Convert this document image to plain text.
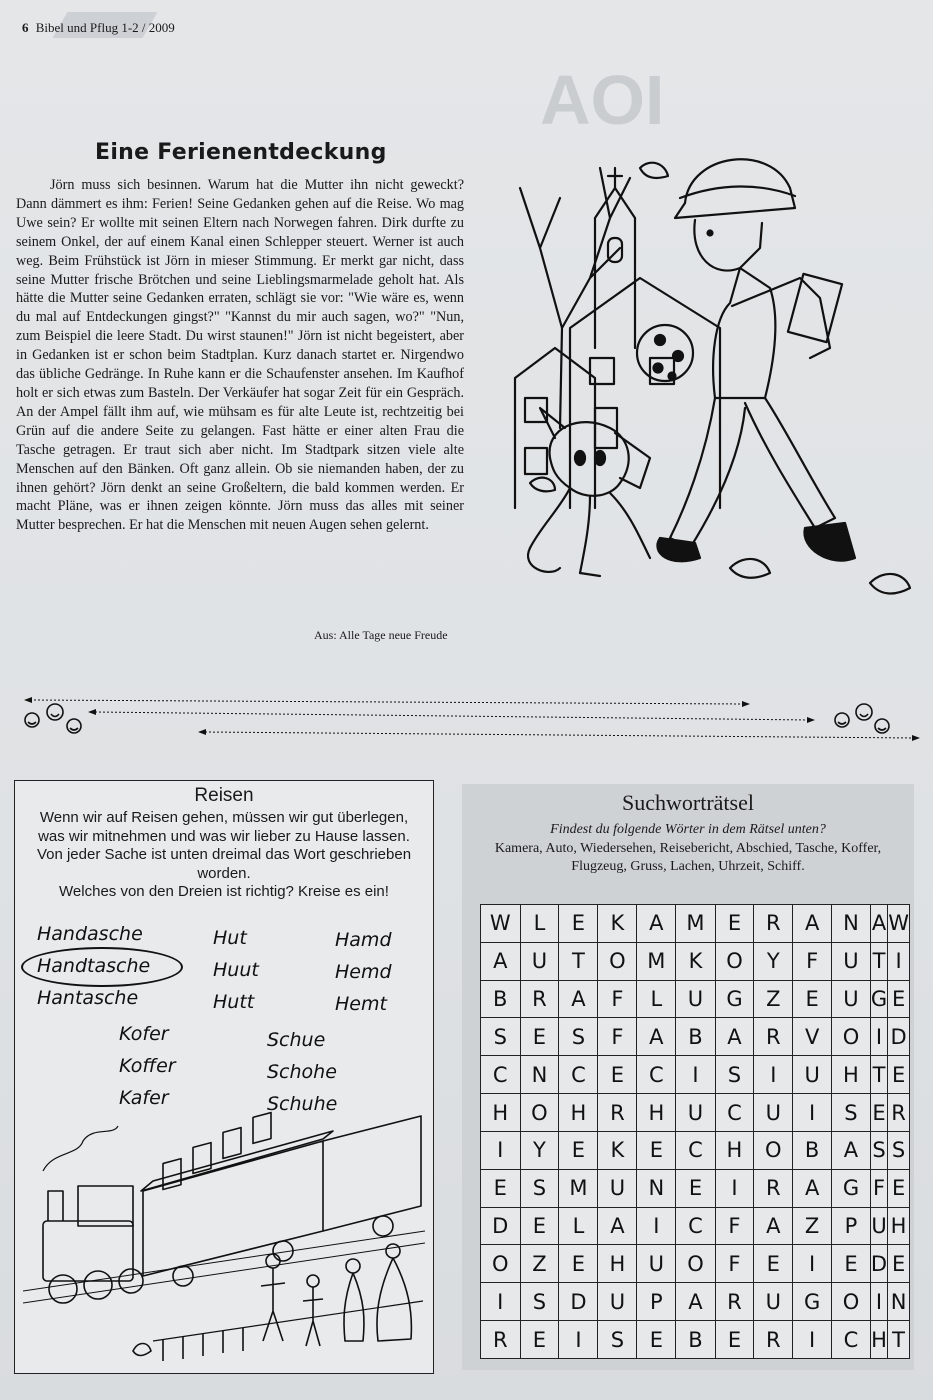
6 Bibel und Pflug 1-2 / 2009
AOI
Eine Ferienentdeckung

Jörn muss sich besinnen. Warum hat die Mutter ihn nicht geweckt? Dann dämmert es ihm: Ferien! Seine Gedanken gehen auf die Reise. Wo mag Uwe sein? Er wollte mit seinen Eltern nach Norwegen fahren. Dirk durfte zu seinem Onkel, der auf einem Kanal einen Schlepper steuert. Werner ist auch weg. Beim Frühstück ist Jörn in mieser Stimmung. Er merkt gar nicht, dass seine Mutter frische Brötchen und seine Lieblingsmarmelade geholt hat. Als hätte die Mutter seine Gedanken erraten, schlägt sie vor: "Wie wäre es, wenn du mal auf Entdeckungen gingst?" "Kannst du mir auch sagen, wo?" "Nun, zum Beispiel die leere Stadt. Du wirst staunen!" Jörn ist nicht begeistert, aber in Gedanken ist er schon beim Stadtplan. Kurz danach startet er. Nirgendwo das übliche Gedränge. In Ruhe kann er die Schaufenster ansehen. Im Kaufhof holt er sich etwas zum Basteln. Der Verkäufer hat sogar Zeit für ein Gespräch. An der Ampel fällt ihm auf, wie mühsam es für alte Leute ist, rechtzeitig bei Grün auf die andere Seite zu gelangen. Fast hätte er einer alten Frau die Tasche getragen. Er traut sich aber nicht. Im Stadtpark sitzen viele alte Menschen auf den Bänken. Oft ganz allein. Ob sie niemanden haben, der zu ihnen gehört? Jörn denkt an seine Großeltern, die bald kommen werden. Er macht Pläne, was er ihnen zeigen könnte. Jörn muss das alles mit seiner Mutter besprechen. Er hat die Menschen mit neuen Augen sehen gelernt.

Aus: Alle Tage neue Freude
Reisen
Wenn wir auf Reisen gehen, müssen wir gut überlegen, was wir mitnehmen und was wir lieber zu Hause lassen.
Von jeder Sache ist unten dreimal das Wort geschrieben worden.
Welches von den Dreien ist richtig? Kreise es ein!
Handasche
Handtasche
Hantasche
Hut
Huut
Hutt
Hamd
Hemd
Hemt
Kofer
Koffer
Kafer
Schue
Schohe
Schuhe
Suchworträtsel
Findest du folgende Wörter in dem Rätsel unten?
Kamera, Auto, Wiedersehen, Reisebericht, Abschied, Tasche, Koffer, Flugzeug, Gruss, Lachen, Uhrzeit, Schiff.
W	L	E	K	A	M	E	R	A	N	A	W
A	U	T	O	M	K	O	Y	F	U	T	I
B	R	A	F	L	U	G	Z	E	U	G	E
S	E	S	F	A	B	A	R	V	O	I	D
C	N	C	E	C	I	S	I	U	H	T	E
H	O	H	R	H	U	C	U	I	S	E	R
I	Y	E	K	E	C	H	O	B	A	S	S
E	S	M	U	N	E	I	R	A	G	F	E
D	E	L	A	I	C	F	A	Z	P	U	H
O	Z	E	H	U	O	F	E	I	E	D	E
I	S	D	U	P	A	R	U	G	O	I	N
R	E	I	S	E	B	E	R	I	C	H	T
